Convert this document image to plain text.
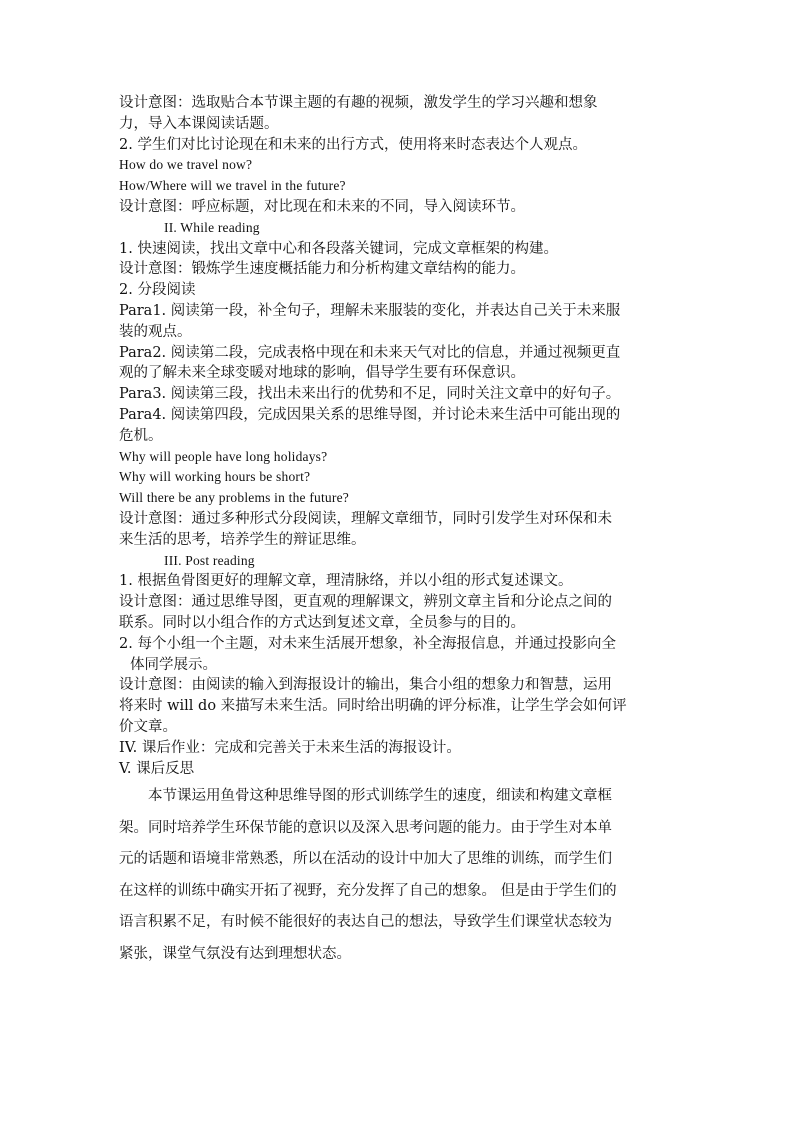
设计意图：选取贴合本节课主题的有趣的视频，激发学生的学习兴趣和想象
力，导入本课阅读话题。
2. 学生们对比讨论现在和未来的出行方式，使用将来时态表达个人观点。
How do we travel now?
How/Where will we travel in the future?
设计意图：呼应标题，对比现在和未来的不同，导入阅读环节。
II. While reading
1. 快速阅读，找出文章中心和各段落关键词，完成文章框架的构建。
设计意图：锻炼学生速度概括能力和分析构建文章结构的能力。
2. 分段阅读
Para1. 阅读第一段，补全句子，理解未来服装的变化，并表达自己关于未来服
装的观点。
Para2. 阅读第二段，完成表格中现在和未来天气对比的信息，并通过视频更直
观的了解未来全球变暖对地球的影响，倡导学生要有环保意识。
Para3. 阅读第三段，找出未来出行的优势和不足，同时关注文章中的好句子。
Para4. 阅读第四段，完成因果关系的思维导图，并讨论未来生活中可能出现的
危机。
Why will people have long holidays?
Why will working hours be short?
Will there be any problems in the future?
设计意图：通过多种形式分段阅读，理解文章细节，同时引发学生对环保和未
来生活的思考，培养学生的辩证思维。
III. Post reading
1. 根据鱼骨图更好的理解文章，理清脉络，并以小组的形式复述课文。
设计意图：通过思维导图，更直观的理解课文，辨别文章主旨和分论点之间的
联系。同时以小组合作的方式达到复述文章，全员参与的目的。
2. 每个小组一个主题，对未来生活展开想象，补全海报信息，并通过投影向全
体同学展示。
设计意图：由阅读的输入到海报设计的输出，集合小组的想象力和智慧，运用
将来时 will do 来描写未来生活。同时给出明确的评分标准，让学生学会如何评
价文章。
IV. 课后作业：完成和完善关于未来生活的海报设计。
V. 课后反思
本节课运用鱼骨这种思维导图的形式训练学生的速度，细读和构建文章框
架。同时培养学生环保节能的意识以及深入思考问题的能力。由于学生对本单
元的话题和语境非常熟悉，所以在活动的设计中加大了思维的训练，而学生们
在这样的训练中确实开拓了视野，充分发挥了自己的想象。 但是由于学生们的
语言积累不足，有时候不能很好的表达自己的想法，导致学生们课堂状态较为
紧张，课堂气氛没有达到理想状态。
